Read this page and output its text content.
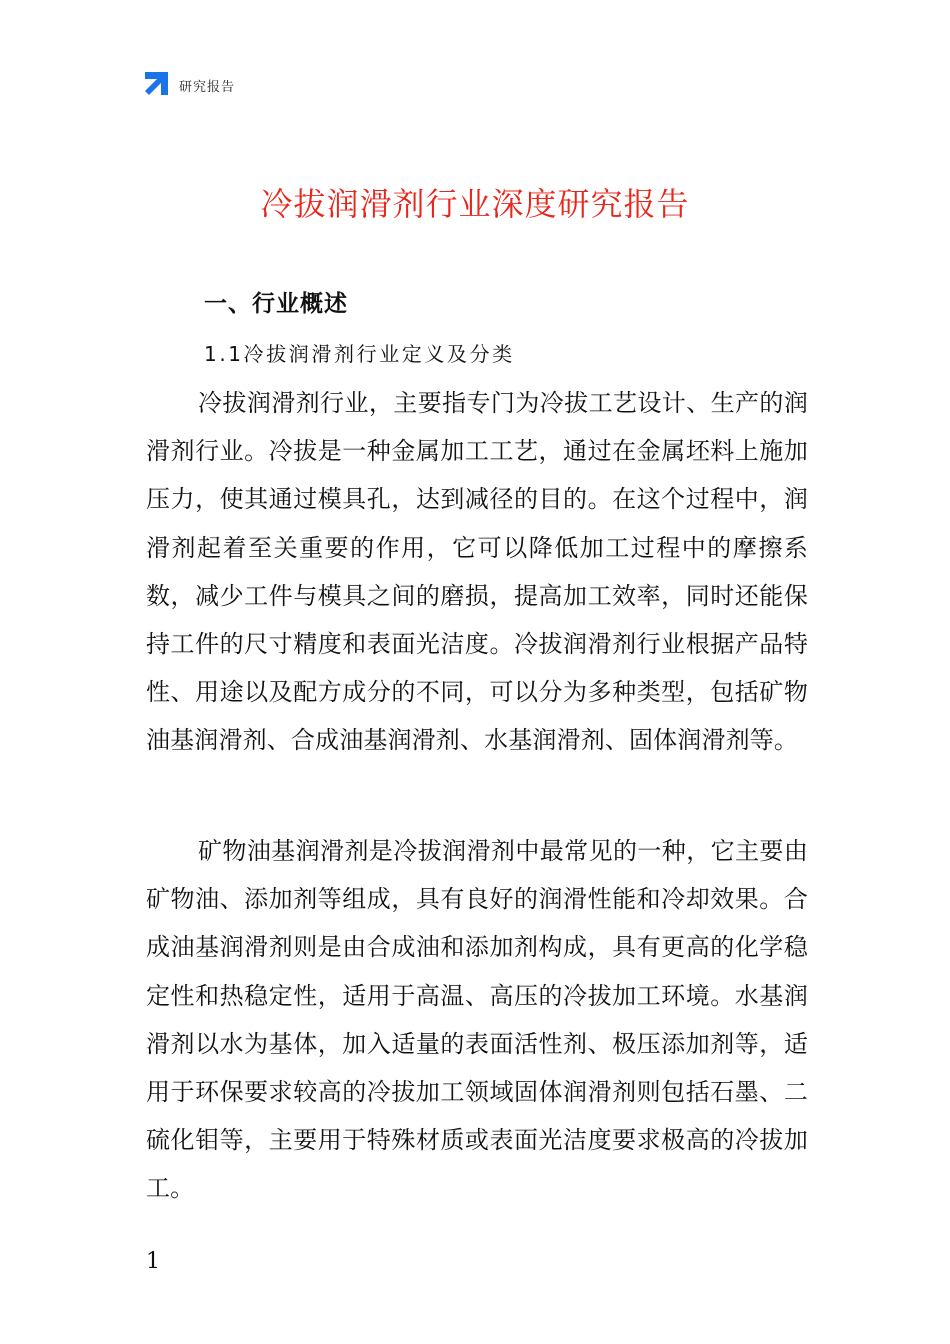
研究报告
冷拔润滑剂行业深度研究报告
一、行业概述
1.1冷拔润滑剂行业定义及分类

冷拔润滑剂行业，主要指专门为冷拔工艺设计、生产的润滑剂行业。冷拔是一种金属加工工艺，通过在金属坯料上施加压力，使其通过模具孔，达到减径的目的。在这个过程中，润滑剂起着至关重要的作用，它可以降低加工过程中的摩擦系数，减少工件与模具之间的磨损，提高加工效率，同时还能保持工件的尺寸精度和表面光洁度。冷拔润滑剂行业根据产品特性、用途以及配方成分的不同，可以分为多种类型，包括矿物油基润滑剂、合成油基润滑剂、水基润滑剂、固体润滑剂等。

矿物油基润滑剂是冷拔润滑剂中最常见的一种，它主要由矿物油、添加剂等组成，具有良好的润滑性能和冷却效果。合成油基润滑剂则是由合成油和添加剂构成，具有更高的化学稳定性和热稳定性，适用于高温、高压的冷拔加工环境。水基润滑剂以水为基体，加入适量的表面活性剂、极压添加剂等，适用于环保要求较高的冷拔加工领域固体润滑剂则包括石墨、二硫化钼等，主要用于特殊材质或表面光洁度要求极高的冷拔加工。

1
